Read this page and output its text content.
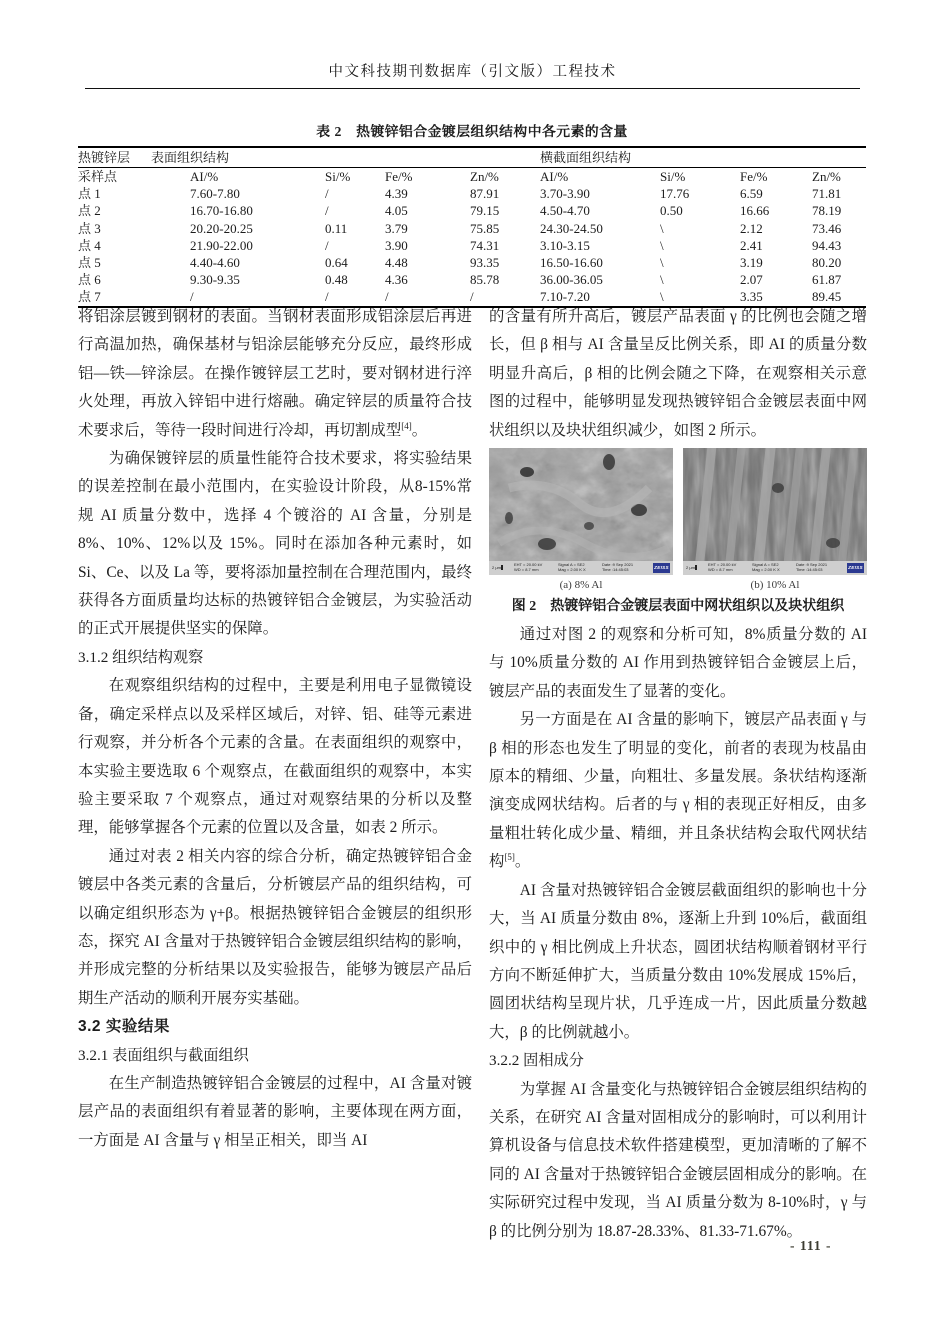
中文科技期刊数据库（引文版）工程技术
表 2　热镀锌铝合金镀层组织结构中各元素的含量
热镀锌层	表面组织结构	横截面组织结构
采样点	AI/%	Si/%	Fe/%	Zn/%	AI/%	Si/%	Fe/%	Zn/%
点 1	7.60-7.80	/	4.39	87.91	3.70-3.90	17.76	6.59	71.81
点 2	16.70-16.80	/	4.05	79.15	4.50-4.70	0.50	16.66	78.19
点 3	20.20-20.25	0.11	3.79	75.85	24.30-24.50	\	2.12	73.46
点 4	21.90-22.00	/	3.90	74.31	3.10-3.15	\	2.41	94.43
点 5	4.40-4.60	0.64	4.48	93.35	16.50-16.60	\	3.19	80.20
点 6	9.30-9.35	0.48	4.36	85.78	36.00-36.05	\	2.07	61.87
点 7	/	/	/	/	7.10-7.20	\	3.35	89.45

将铝涂层镀到钢材的表面。当钢材表面形成铝涂层后再进行高温加热，确保基材与铝涂层能够充分反应，最终形成铝—铁—锌涂层。在操作镀锌层工艺时，要对钢材进行淬火处理，再放入锌铝中进行熔融。确定锌层的质量符合技术要求后，等待一段时间进行冷却，再切割成型[4]。

为确保镀锌层的质量性能符合技术要求，将实验结果的误差控制在最小范围内，在实验设计阶段，从8-15%常规 AI 质量分数中，选择 4 个镀浴的 AI 含量，分别是 8%、10%、12%以及 15%。同时在添加各种元素时，如 Si、Ce、以及 La 等，要将添加量控制在合理范围内，最终获得各方面质量均达标的热镀锌铝合金镀层，为实验活动的正式开展提供坚实的保障。

3.1.2 组织结构观察

在观察组织结构的过程中，主要是利用电子显微镜设备，确定采样点以及采样区域后，对锌、铝、硅等元素进行观察，并分析各个元素的含量。在表面组织的观察中，本实验主要选取 6 个观察点，在截面组织的观察中，本实验主要采取 7 个观察点，通过对观察结果的分析以及整理，能够掌握各个元素的位置以及含量，如表 2 所示。

通过对表 2 相关内容的综合分析，确定热镀锌铝合金镀层中各类元素的含量后，分析镀层产品的组织结构，可以确定组织形态为 γ+β。根据热镀锌铝合金镀层的组织形态，探究 AI 含量对于热镀锌铝合金镀层组织结构的影响，并形成完整的分析结果以及实验报告，能够为镀层产品后期生产活动的顺利开展夯实基础。

3.2 实验结果

3.2.1 表面组织与截面组织

在生产制造热镀锌铝合金镀层的过程中，AI 含量对镀层产品的表面组织有着显著的影响，主要体现在两方面，一方面是 AI 含量与 γ 相呈正相关，即当 AI

的含量有所升高后，镀层产品表面 γ 的比例也会随之增长，但 β 相与 AI 含量呈反比例关系，即 AI 的质量分数明显升高后，β 相的比例会随之下降，在观察相关示意图的过程中，能够明显发现热镀锌铝合金镀层表面中网状组织以及块状组织减少，如图 2 所示。

2 μm	EHT = 20.00 kV
WD = 8.7 mm
Signal A = SE2
Mag = 2.00 K X
Date :9 Sep 2021
Time :14:45:03	ZEISS
(a) 8% Al
2 μm	EHT = 20.00 kV
WD = 8.7 mm
Signal A = SE2
Mag = 2.00 K X
Date :9 Sep 2021
Time :14:45:03	ZEISS
(b) 10% Al
图 2　热镀锌铝合金镀层表面中网状组织以及块状组织

通过对图 2 的观察和分析可知，8%质量分数的 AI 与 10%质量分数的 AI 作用到热镀锌铝合金镀层上后，镀层产品的表面发生了显著的变化。

另一方面是在 AI 含量的影响下，镀层产品表面 γ 与 β 相的形态也发生了明显的变化，前者的表现为枝晶由原本的精细、少量，向粗壮、多量发展。条状结构逐渐演变成网状结构。后者的与 γ 相的表现正好相反，由多量粗壮转化成少量、精细，并且条状结构会取代网状结构[5]。

AI 含量对热镀锌铝合金镀层截面组织的影响也十分大，当 AI 质量分数由 8%，逐渐上升到 10%后，截面组织中的 γ 相比例成上升状态，圆团状结构顺着钢材平行方向不断延伸扩大，当质量分数由 10%发展成 15%后，圆团状结构呈现片状，几乎连成一片，因此质量分数越大，β 的比例就越小。

3.2.2 固相成分

为掌握 AI 含量变化与热镀锌铝合金镀层组织结构的关系，在研究 AI 含量对固相成分的影响时，可以利用计算机设备与信息技术软件搭建模型，更加清晰的了解不同的 AI 含量对于热镀锌铝合金镀层固相成分的影响。在实际研究过程中发现，当 AI 质量分数为 8-10%时，γ 与 β 的比例分别为 18.87-28.33%、81.33-71.67%。

- 111 -
